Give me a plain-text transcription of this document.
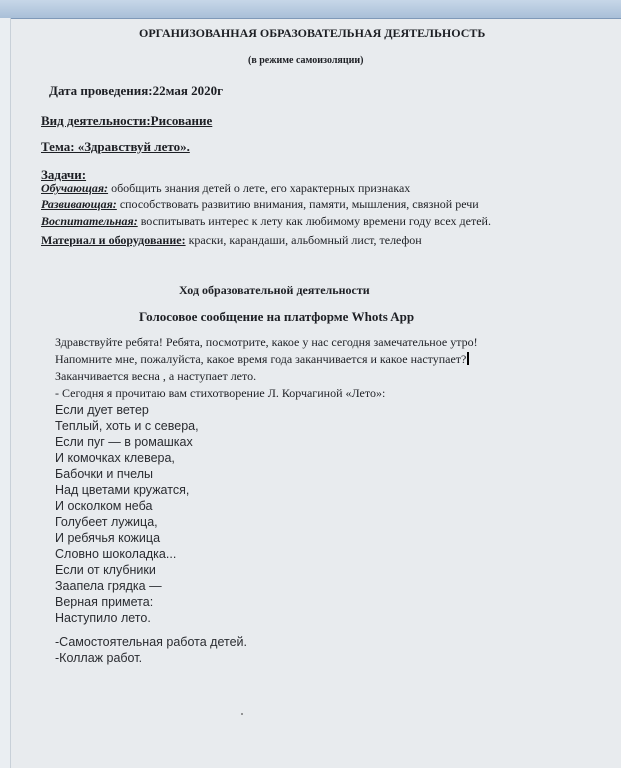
ОРГАНИЗОВАННАЯ ОБРАЗОВАТЕЛЬНАЯ ДЕЯТЕЛЬНОСТЬ
(в режиме самоизоляции)
Дата проведения:22мая 2020г
Вид деятельности:Рисование
Тема: «Здравствуй лето».
Задачи:
Обучающая: обобщить знания детей о лете, его характерных признаках
Развивающая: способствовать развитию внимания, памяти, мышления, связной речи
Воспитательная: воспитывать интерес к лету как любимому времени году всех детей.
Материал и оборудование: краски, карандаши, альбомный лист, телефон
Ход образовательной деятельности
Голосовое сообщение на платформе Whots App
Здравствуйте ребята! Ребята, посмотрите, какое у нас сегодня замечательное утро!
Напомните мне, пожалуйста, какое время года заканчивается и какое наступает?
Заканчивается весна , а наступает лето.
- Сегодня я прочитаю вам стихотворение Л. Корчагиной «Лето»:
Если дует ветер
Теплый, хоть и с севера,
Если пуг — в ромашках
И комочках клевера,
Бабочки и пчелы
Над цветами кружатся,
И осколком неба
Голубеет лужица,
И ребячья кожица
Словно шоколадка...
Если от клубники
Заапела грядка —
Верная примета:
Наступило лето.
-Самостоятельная работа детей.
-Коллаж работ.
